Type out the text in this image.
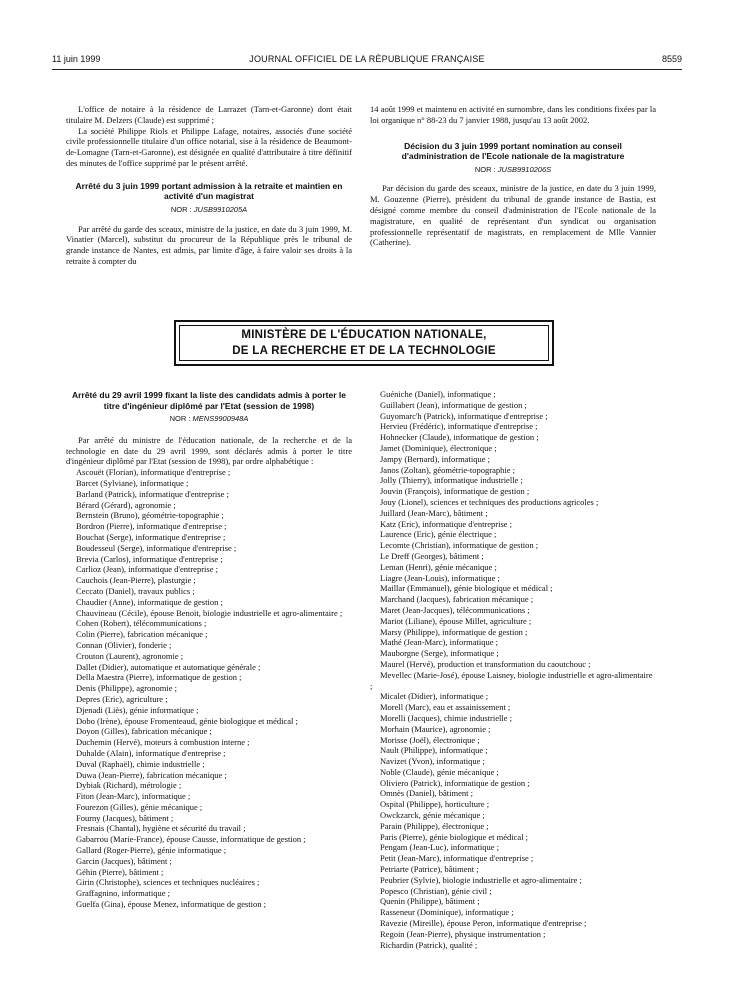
11 juin 1999	JOURNAL OFFICIEL DE LA RÉPUBLIQUE FRANÇAISE	8559

L'office de notaire à la résidence de Larrazet (Tarn-et-Garonne) dont était titulaire M. Delzers (Claude) est supprimé ;

La société Philippe Riols et Philippe Lafage, notaires, associés d'une société civile professionnelle titulaire d'un office notarial, sise à la résidence de Beaumont-de-Lomagne (Tarn-et-Garonne), est désignée en qualité d'attributaire à titre définitif des minutes de l'office supprimé par le présent arrêté.

Arrêté du 3 juin 1999 portant admission à la retraite et maintien en activité d'un magistrat
NOR : JUSB9910205A

Par arrêté du garde des sceaux, ministre de la justice, en date du 3 juin 1999, M. Vinatier (Marcel), substitut du procureur de la République près le tribunal de grande instance de Nantes, est admis, par limite d'âge, à faire valoir ses droits à la retraite à compter du

14 août 1999 et maintenu en activité en surnombre, dans les conditions fixées par la loi organique n° 88-23 du 7 janvier 1988, jusqu'au 13 août 2002.
Décision du 3 juin 1999 portant nomination au conseil d'administration de l'Ecole nationale de la magistrature
NOR : JUSB9910206S

Par décision du garde des sceaux, ministre de la justice, en date du 3 juin 1999, M. Gouzenne (Pierre), président du tribunal de grande instance de Bastia, est désigné comme membre du conseil d'administration de l'Ecole nationale de la magistrature, en qualité de représentant d'un syndicat ou organisation professionnelle représentatif de magistrats, en remplacement de Mlle Vannier (Catherine).

MINISTÈRE DE L'ÉDUCATION NATIONALE,
DE LA RECHERCHE ET DE LA TECHNOLOGIE
Arrêté du 29 avril 1999 fixant la liste des candidats admis à porter le titre d'ingénieur diplômé par l'Etat (session de 1998)
NOR : MENS9900948A

Par arrêté du ministre de l'éducation nationale, de la recherche et de la technologie en date du 29 avril 1999, sont déclarés admis à porter le titre d'ingénieur diplômé par l'Etat (session de 1998), par ordre alphabétique :

Ascouët (Florian), informatique d'entreprise ;
Barcet (Sylviane), informatique ;
Barland (Patrick), informatique d'entreprise ;
Bérard (Gérard), agronomie ;
Bernstein (Bruno), géométrie-topographie ;
Bordron (Pierre), informatique d'entreprise ;
Bouchat (Serge), informatique d'entreprise ;
Boudesseul (Serge), informatique d'entreprise ;
Brevia (Carlos), informatique d'entreprise ;
Carlioz (Jean), informatique d'entreprise ;
Cauchois (Jean-Pierre), plasturgie ;
Ceccato (Daniel), travaux publics ;
Chaudier (Anne), informatique de gestion ;
Chauvineau (Cécile), épouse Benoit, biologie industrielle et agro-alimentaire ;
Cohen (Robert), télécommunications ;
Colin (Pierre), fabrication mécanique ;
Connan (Olivier), fonderie ;
Crouton (Laurent), agronomie ;
Dallet (Didier), automatique et automatique générale ;
Della Maestra (Pierre), informatique de gestion ;
Denis (Philippe), agronomie ;
Depres (Eric), agriculture ;
Djenadi (Liès), génie informatique ;
Dobo (Irène), épouse Fromenteaud, génie biologique et médical ;
Doyon (Gilles), fabrication mécanique ;
Duchemin (Hervé), moteurs à combustion interne ;
Duhalde (Alain), informatique d'entreprise ;
Duval (Raphaël), chimie industrielle ;
Duwa (Jean-Pierre), fabrication mécanique ;
Dybiak (Richard), métrologie ;
Fiton (Jean-Marc), informatique ;
Fourezon (Gilles), génie mécanique ;
Fourny (Jacques), bâtiment ;
Fresnais (Chantal), hygiène et sécurité du travail ;
Gabarrou (Marie-France), épouse Causse, informatique de gestion ;
Gallard (Roger-Pierre), génie informatique ;
Garcin (Jacques), bâtiment ;
Géhin (Pierre), bâtiment ;
Girin (Christophe), sciences et techniques nucléaires ;
Graffagnino, informatique ;
Guelfa (Gina), épouse Menez, informatique de gestion ;
Guéniche (Daniel), informatique ;
Guillabert (Jean), informatique de gestion ;
Guyomarc'h (Patrick), informatique d'entreprise ;
Hervieu (Frédéric), informatique d'entreprise ;
Hohnecker (Claude), informatique de gestion ;
Jamet (Dominique), électronique ;
Jampy (Bernard), informatique ;
Janos (Zoltan), géométrie-topographie ;
Jolly (Thierry), informatique industrielle ;
Jouvin (François), informatique de gestion ;
Jouy (Lionel), sciences et techniques des productions agricoles ;
Juillard (Jean-Marc), bâtiment ;
Katz (Eric), informatique d'entreprise ;
Laurence (Eric), génie électrique ;
Lecomte (Christian), informatique de gestion ;
Le Dreff (Georges), bâtiment ;
Leman (Henri), génie mécanique ;
Liagre (Jean-Louis), informatique ;
Maillar (Emmanuel), génie biologique et médical ;
Marchand (Jacques), fabrication mécanique ;
Maret (Jean-Jacques), télécommunications ;
Mariot (Liliane), épouse Millet, agriculture ;
Marsy (Philippe), informatique de gestion ;
Mathé (Jean-Marc), informatique ;
Mauborgne (Serge), informatique ;
Maurel (Hervé), production et transformation du caoutchouc ;
Mevellec (Marie-José), épouse Laisney, biologie industrielle et agro-alimentaire ;
Micalet (Didier), informatique ;
Morell (Marc), eau et assainissement ;
Morelli (Jacques), chimie industrielle ;
Morhain (Maurice), agronomie ;
Morisse (Joël), électronique ;
Nault (Philippe), informatique ;
Navizet (Yvon), informatique ;
Noble (Claude), génie mécanique ;
Oliviero (Patrick), informatique de gestion ;
Omnès (Daniel), bâtiment ;
Ospital (Philippe), horticulture ;
Owckzarck, génie mécanique ;
Parain (Philippe), électronique ;
Paris (Pierre), génie biologique et médical ;
Pengam (Jean-Luc), informatique ;
Petit (Jean-Marc), informatique d'entreprise ;
Petriarte (Patrice), bâtiment ;
Peubrier (Sylvie), biologie industrielle et agro-alimentaire ;
Popesco (Christian), génie civil ;
Quenin (Philippe), bâtiment ;
Rasseneur (Dominique), informatique ;
Ravezie (Mireille), épouse Peron, informatique d'entreprise ;
Regoin (Jean-Pierre), physique instrumentation ;
Richardin (Patrick), qualité ;
